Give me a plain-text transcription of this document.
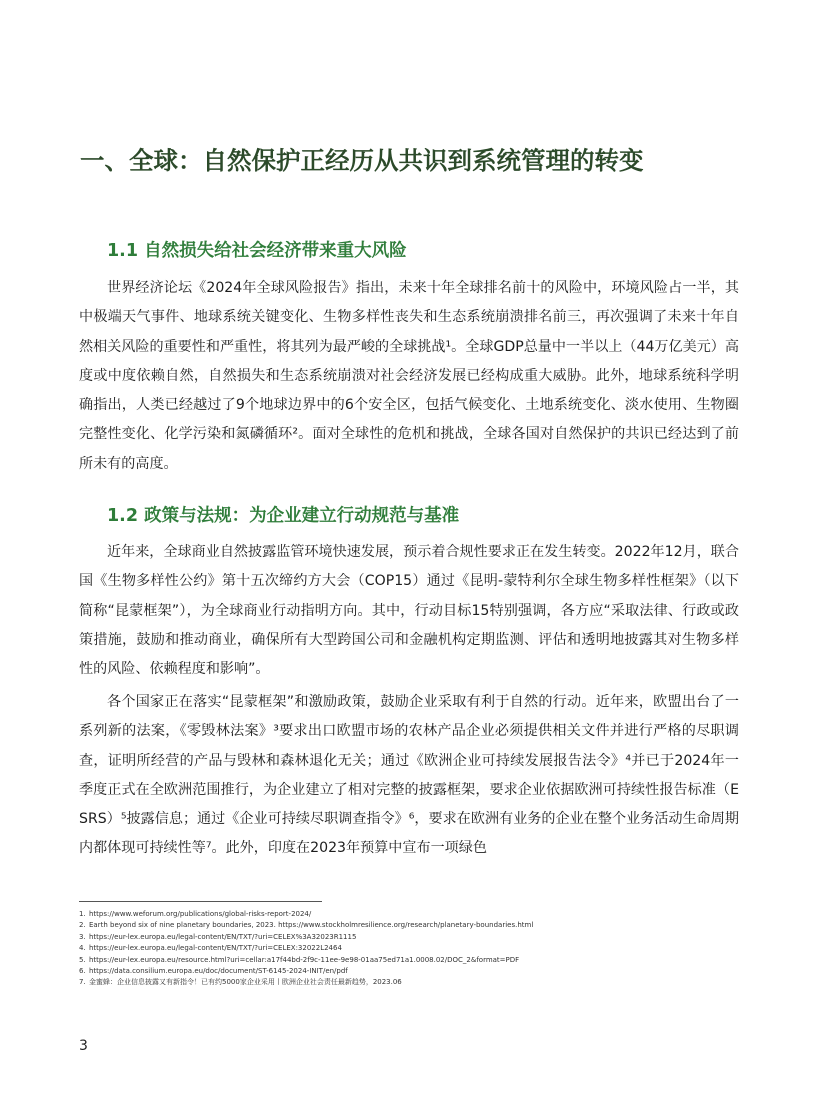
一、全球：自然保护正经历从共识到系统管理的转变
1.1 自然损失给社会经济带来重大风险

世界经济论坛《2024年全球风险报告》指出，未来十年全球排名前十的风险中，环境风险占一半，其中极端天气事件、地球系统关键变化、生物多样性丧失和生态系统崩溃排名前三，再次强调了未来十年自然相关风险的重要性和严重性，将其列为最严峻的全球挑战¹。全球GDP总量中一半以上（44万亿美元）高度或中度依赖自然，自然损失和生态系统崩溃对社会经济发展已经构成重大威胁。此外，地球系统科学明确指出，人类已经越过了9个地球边界中的6个安全区，包括气候变化、土地系统变化、淡水使用、生物圈完整性变化、化学污染和氮磷循环²。面对全球性的危机和挑战，全球各国对自然保护的共识已经达到了前所未有的高度。

1.2 政策与法规：为企业建立行动规范与基准

近年来，全球商业自然披露监管环境快速发展，预示着合规性要求正在发生转变。2022年12月，联合国《生物多样性公约》第十五次缔约方大会（COP15）通过《昆明-蒙特利尔全球生物多样性框架》（以下简称“昆蒙框架”），为全球商业行动指明方向。其中，行动目标15特别强调，各方应“采取法律、行政或政策措施，鼓励和推动商业，确保所有大型跨国公司和金融机构定期监测、评估和透明地披露其对生物多样性的风险、依赖程度和影响”。

各个国家正在落实“昆蒙框架”和激励政策，鼓励企业采取有利于自然的行动。近年来，欧盟出台了一系列新的法案，《零毁林法案》³要求出口欧盟市场的农林产品企业必须提供相关文件并进行严格的尽职调查，证明所经营的产品与毁林和森林退化无关；通过《欧洲企业可持续发展报告法令》⁴并已于2024年一季度正式在全欧洲范围推行，为企业建立了相对完整的披露框架，要求企业依据欧洲可持续性报告标准（ESRS）⁵披露信息；通过《企业可持续尽职调查指令》⁶，要求在欧洲有业务的企业在整个业务活动生命周期内都体现可持续性等⁷。此外，印度在2023年预算中宣布一项绿色

1. https://www.weforum.org/publications/global-risks-report-2024/
2. Earth beyond six of nine planetary boundaries, 2023. https://www.stockholmresilience.org/research/planetary-boundaries.html
3. https://eur-lex.europa.eu/legal-content/EN/TXT/?uri=CELEX%3A32023R1115
4. https://eur-lex.europa.eu/legal-content/EN/TXT/?uri=CELEX:32022L2464
5. https://eur-lex.europa.eu/resource.html?uri=cellar:a17f44bd-2f9c-11ee-9e98-01aa75ed71a1.0008.02/DOC_2&format=PDF
6. https://data.consilium.europa.eu/doc/document/ST-6145-2024-INIT/en/pdf
7. 金蜜蜂：企业信息披露又有新指令！已有约5000家企业采用丨欧洲企业社会责任最新趋势，2023.06
3
